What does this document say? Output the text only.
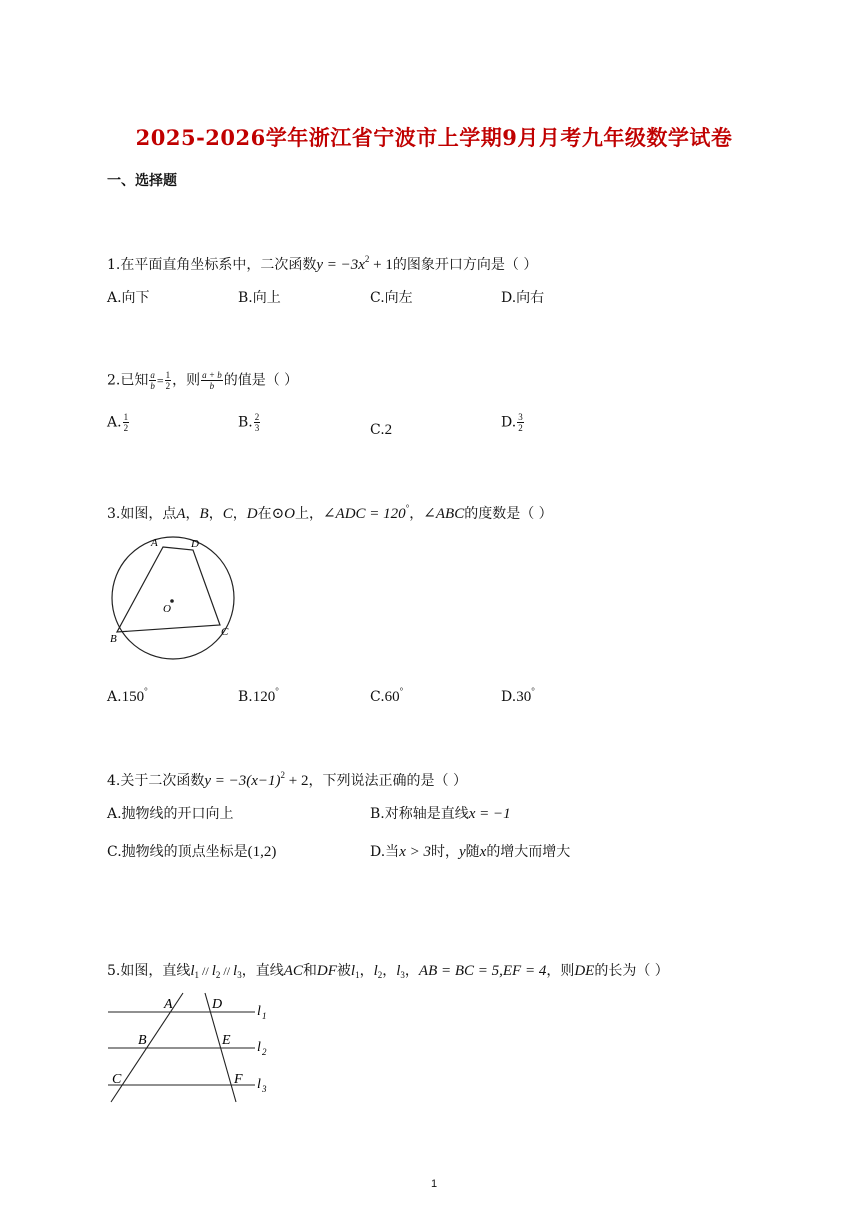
2025-2026学年浙江省宁波市上学期9月月考九年级数学试卷
一、选择题
1.在平面直角坐标系中，二次函数$y = -3x^2 + 1$的图象开口方向是（ ）
A.向下	B.向上	C.向左	D.向右
2.已知 $\frac{a}{b} = \frac{1}{2}$ ，则 $\frac{a + b}{b}$ 的值是（ ）
A. $\frac{1}{2}$	B. $\frac{2}{3}$	C.2	D. $\frac{3}{2}$
3.如图，点A，B，C，D在⊙O上，∠ADC = 120°，∠ABC的度数是（ ）
A	D
O
B
C
A.150°	B.120°	C.60°	D.30°
4.关于二次函数$y = -3(x-1)^2 + 2$，下列说法正确的是（ ）
A.抛物线的开口向上	B.对称轴是直线x = −1
C.抛物线的顶点坐标是(1,2)	D.当x > 3时，y随x的增大而增大
5.如图，直线$l_1 // l_2 // l_3$，直线AC和DF被$l_1$，$l_2$，$l_3$，AB = BC = 5,EF = 4，则DE的长为（ ）
A	D
B	E
C	F
l 1
l 2
l 3
1
